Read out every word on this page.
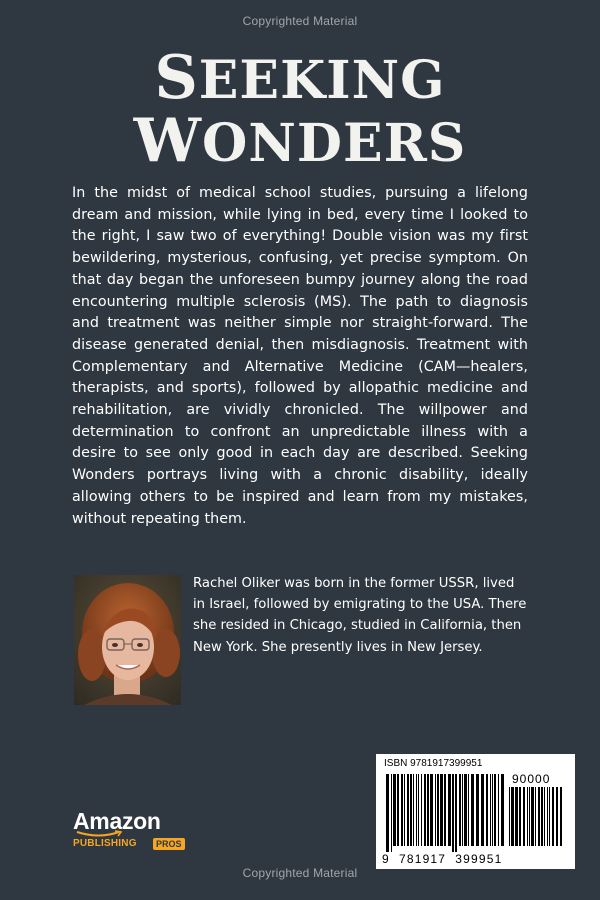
Copyrighted Material
SEEKING
WONDERS

In the midst of medical school studies, pursuing a lifelong dream and mission, while lying in bed, every time I looked to the right, I saw two of everything! Double vision was my first bewildering, mysterious, confusing, yet precise symptom. On that day began the unforeseen bumpy journey along the road encountering multiple sclerosis (MS). The path to diagnosis and treatment was neither simple nor straight-forward. The disease generated denial, then misdiagnosis. Treatment with Complementary and Alternative Medicine (CAM—healers, therapists, and sports), followed by allopathic medicine and rehabilitation, are vividly chronicled. The willpower and determination to confront an unpredictable illness with a desire to see only good in each day are described. Seeking Wonders portrays living with a chronic disability, ideally allowing others to be inspired and learn from my mistakes, without repeating them.

Rachel Oliker was born in the former USSR, lived in Israel, followed by emigrating to the USA. There she resided in Chicago, studied in California, then New York. She presently lives in New Jersey.

ISBN 9781917399951
90000
9  781917  399951
Amazon
PUBLISHING	PROS
Copyrighted Material
